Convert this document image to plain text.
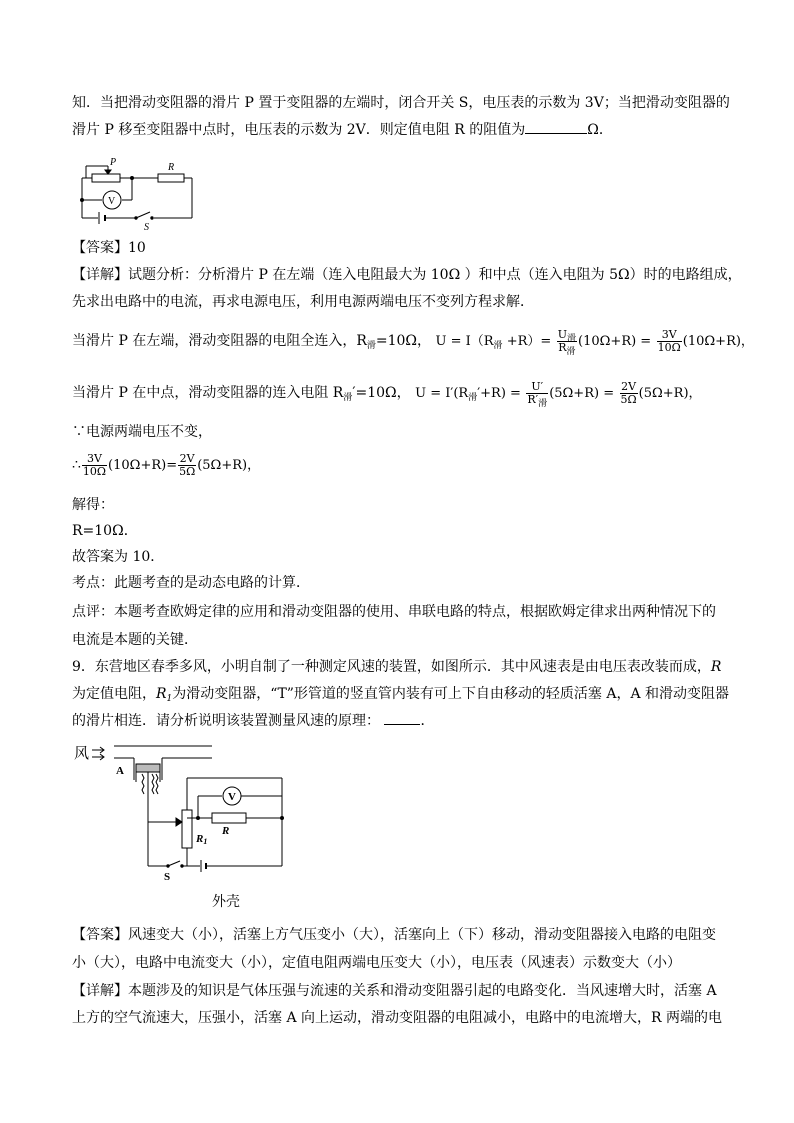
知．当把滑动变阻器的滑片 P 置于变阻器的左端时，闭合开关 S，电压表的示数为 3V；当把滑动变阻器的
滑片 P 移至变阻器中点时，电压表的示数为 2V．则定值电阻 R 的阻值为	Ω．
P	R
V
S
【答案】10
【详解】试题分析：分析滑片 P 在左端（连入电阻最大为 10Ω ）和中点（连入电阻为 5Ω）时的电路组成，
先求出电路中的电流，再求电源电压，利用电源两端电压不变列方程求解．
当滑片 P 在左端，滑动变阻器的电阻全连入，$R_滑=10\Omega$， $U = I(R_滑 +R)= \frac{U_滑}{R_滑} (10\Omega+R) = \frac{3V}{10\Omega} (10\Omega+R)$，
当滑片 P 在中点，滑动变阻器的连入电阻 $R_滑'=10\Omega$， $U = I'(R_滑'+R) = \frac{U'}{R'_滑} (5\Omega+R) = \frac{2V}{5\Omega} (5\Omega+R)$，
∵电源两端电压不变，
∴ $\frac{3V}{10\Omega} (10\Omega+R)= \frac{2V}{5\Omega} (5\Omega+R)$，
解得：
R=10Ω．
故答案为 10．
考点：此题考查的是动态电路的计算．
点评：本题考查欧姆定律的应用和滑动变阻器的使用、串联电路的特点，根据欧姆定律求出两种情况下的
电流是本题的关键．
9．东营地区春季多风，小明自制了一种测定风速的装置，如图所示．其中风速表是由电压表改装而成，R
为定值电阻，$R_1$为滑动变阻器，“T”形管道的竖直管内装有可上下自由移动的轻质活塞 A，A 和滑动变阻器
的滑片相连．请分析说明该装置测量风速的原理：	．
风
A
V
R1
R
S
外壳
【答案】风速变大（小），活塞上方气压变小（大），活塞向上（下）移动，滑动变阻器接入电路的电阻变
小（大），电路中电流变大（小），定值电阻两端电压变大（小），电压表（风速表）示数变大（小）
【详解】本题涉及的知识是气体压强与流速的关系和滑动变阻器引起的电路变化．当风速增大时，活塞 A
上方的空气流速大，压强小，活塞 A 向上运动，滑动变阻器的电阻减小，电路中的电流增大，R 两端的电
